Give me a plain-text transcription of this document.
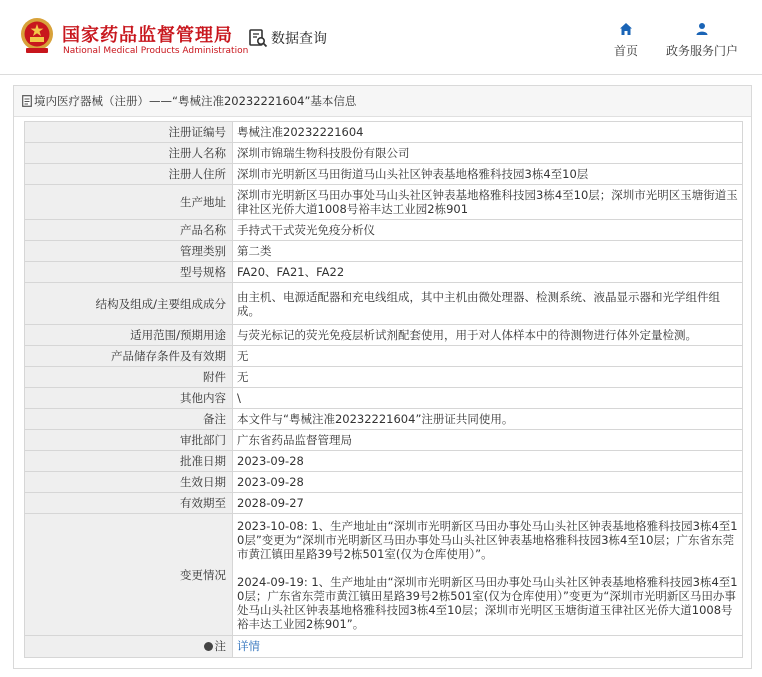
国家药品监督管理局
National Medical Products Administration
数据查询
首页	政务服务门户
境内医疗器械（注册）——“粤械注准20232221604”基本信息
注册证编号	粤械注准20232221604
注册人名称	深圳市锦瑞生物科技股份有限公司
注册人住所	深圳市光明新区马田街道马山头社区钟表基地格雅科技园3栋4至10层
生产地址	深圳市光明新区马田办事处马山头社区钟表基地格雅科技园3栋4至10层；深圳市光明区玉塘街道玉律社区光侨大道1008号裕丰达工业园2栋901
产品名称	手持式干式荧光免疫分析仪
管理类别	第二类
型号规格	FA20、FA21、FA22
结构及组成/主要组成成分	由主机、电源适配器和充电线组成，其中主机由微处理器、检测系统、液晶显示器和光学组件组成。
适用范围/预期用途	与荧光标记的荧光免疫层析试剂配套使用，用于对人体样本中的待测物进行体外定量检测。
产品储存条件及有效期	无
附件	无
其他内容	\
备注	本文件与“粤械注准20232221604”注册证共同使用。
审批部门	广东省药品监督管理局
批准日期	2023-09-28
生效日期	2023-09-28
有效期至	2028-09-27
变更情况	2023-10-08: 1、生产地址由“深圳市光明新区马田办事处马山头社区钟表基地格雅科技园3栋4至10层”变更为“深圳市光明新区马田办事处马山头社区钟表基地格雅科技园3栋4至10层；广东省东莞市黄江镇田星路39号2栋501室(仅为仓库使用）”。

2024-09-19: 1、生产地址由“深圳市光明新区马田办事处马山头社区钟表基地格雅科技园3栋4至10层；广东省东莞市黄江镇田星路39号2栋501室(仅为仓库使用）”变更为“深圳市光明新区马田办事处马山头社区钟表基地格雅科技园3栋4至10层；深圳市光明区玉塘街道玉律社区光侨大道1008号裕丰达工业园2栋901”。

注	详情
